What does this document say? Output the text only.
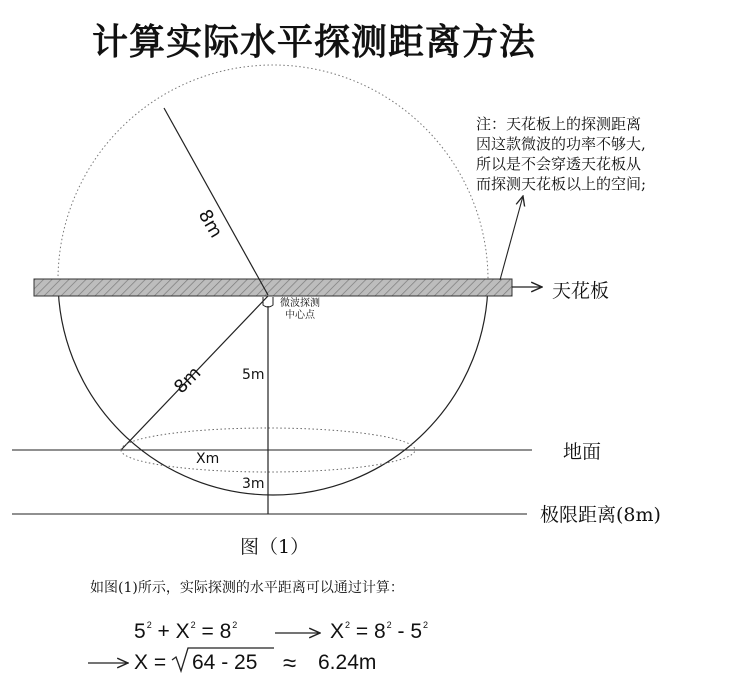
计算实际水平探测距离方法
注：天花板上的探测距离
因这款微波的功率不够大,
所以是不会穿透天花板从
而探测天花板以上的空间;
8m
天花板
微波探测
中心点
8m	5m
Xm
3m
地面
极限距离(8m)
图（1）
如图(1)所示，实际探测的水平距离可以通过计算：
$5^2 + X^2 = 8^2$	$X^2 = 8^2 - 5^2$
X = 64 - 25 ≈ 6.24m
